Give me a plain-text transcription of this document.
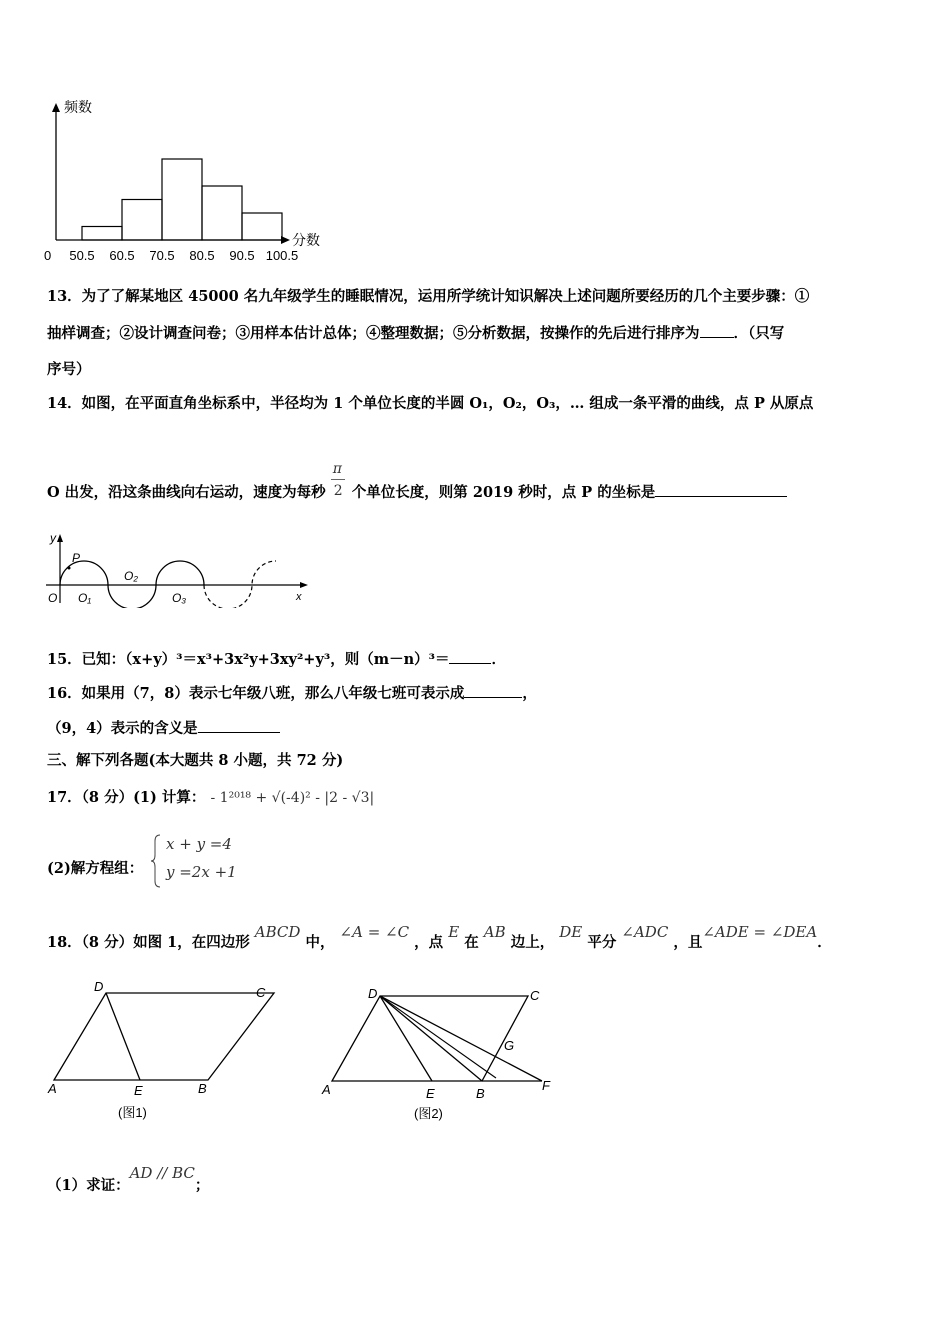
频数
分数
0 50.5 60.5 70.5 80.5 90.5 100.5
13．为了了解某地区 45000 名九年级学生的睡眠情况，运用所学统计知识解决上述问题所要经历的几个主要步骤：①
抽样调查；②设计调查问卷；③用样本估计总体；④整理数据；⑤分析数据，按操作的先后进行排序为 ．（只写
序号）
14．如图，在平面直角坐标系中，半径均为 1 个单位长度的半圆 O₁，O₂，O₃，… 组成一条平滑的曲线，点 P 从原点
O 出发，沿这条曲线向右运动，速度为每秒 $\frac{\pi}{2}$ 个单位长度，则第 2019 秒时，点 P 的坐标是
y
x
O
P
O₁
O₂
O₃
15．已知：（x+y）³＝x³+3x²y+3xy²+y³，则（m－n）³＝	．
16．如果用（7，8）表示七年级八班，那么八年级七班可表示成	，
（9，4）表示的含义是
三、解下列各题(本大题共 8 小题，共 72 分)
17．（8 分）(1) 计算： - 1²⁰¹⁸ + √(-4)² - |2 - √3|
(2)解方程组：
x + y =4
y =2x +1
18．（8 分）如图 1，在四边形 ABCD 中， ∠A = ∠C ，点 E 在 AB 边上， DE 平分 ∠ADC ，且∠ADE = ∠DEA．
D	C
A	E	B
(图1)
D	C
G
A	E	B
F
(图2)
（1）求证：AD // BC；
